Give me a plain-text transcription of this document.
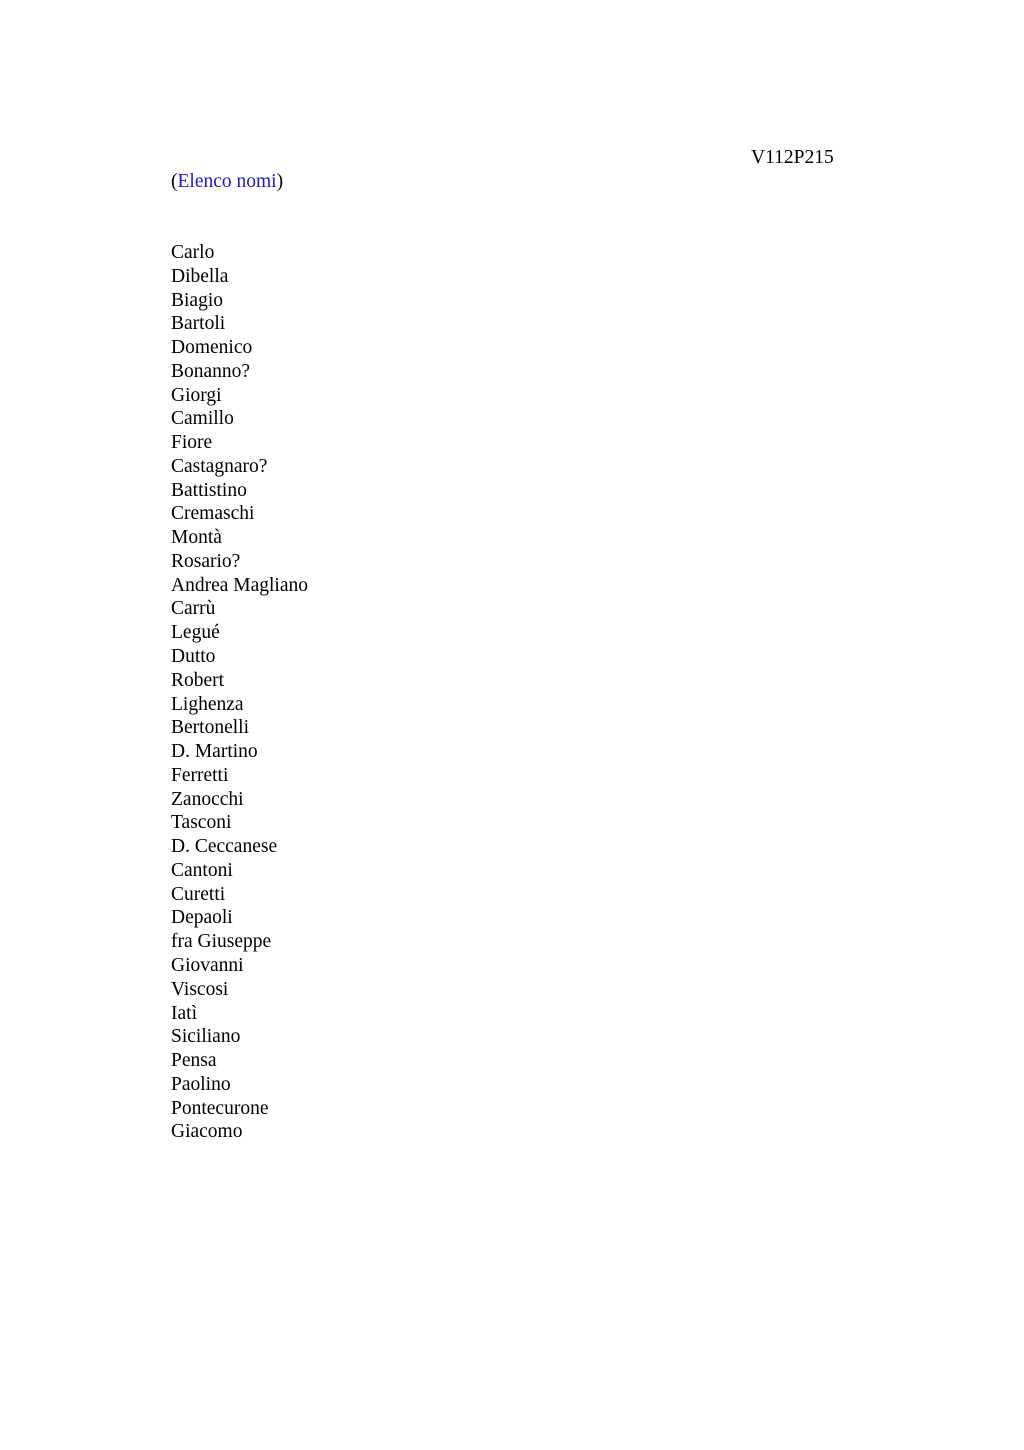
V112P215
(Elenco nomi)
Carlo
Dibella
Biagio
Bartoli
Domenico
Bonanno?
Giorgi
Camillo
Fiore
Castagnaro?
Battistino
Cremaschi
Montà
Rosario?
Andrea Magliano
Carrù
Legué
Dutto
Robert
Lighenza
Bertonelli
D. Martino
Ferretti
Zanocchi
Tasconi
D. Ceccanese
Cantoni
Curetti
Depaoli
fra Giuseppe
Giovanni
Viscosi
Iatì
Siciliano
Pensa
Paolino
Pontecurone
Giacomo
